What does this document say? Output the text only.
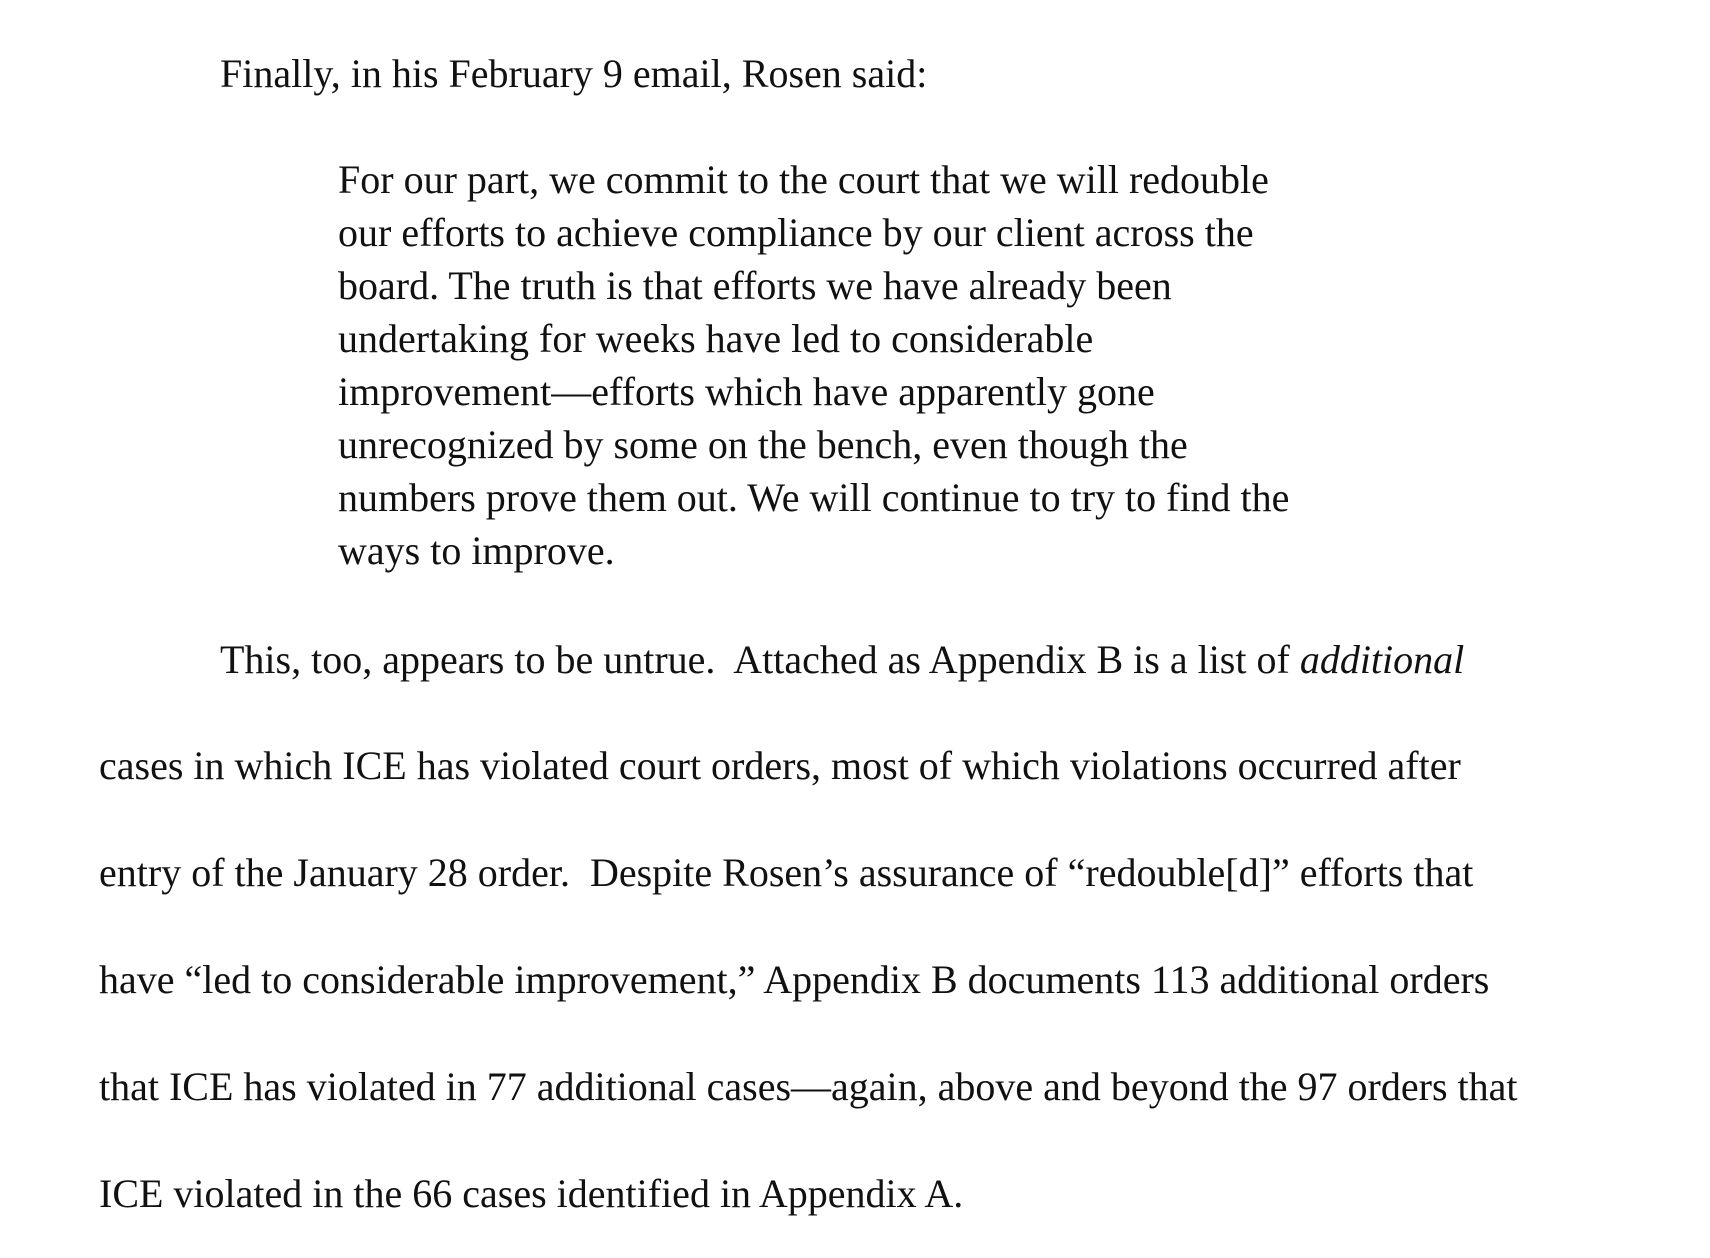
Finally, in his February 9 email, Rosen said:

For our part, we commit to the court that we will redouble
our efforts to achieve compliance by our client across the
board. The truth is that efforts we have already been
undertaking for weeks have led to considerable
improvement—efforts which have apparently gone
unrecognized by some on the bench, even though the
numbers prove them out. We will continue to try to find the
ways to improve.

This, too, appears to be untrue.  Attached as Appendix B is a list of additional

cases in which ICE has violated court orders, most of which violations occurred after

entry of the January 28 order.  Despite Rosen’s assurance of “redouble[d]” efforts that

have “led to considerable improvement,” Appendix B documents 113 additional orders

that ICE has violated in 77 additional cases—again, above and beyond the 97 orders that

ICE violated in the 66 cases identified in Appendix A.
